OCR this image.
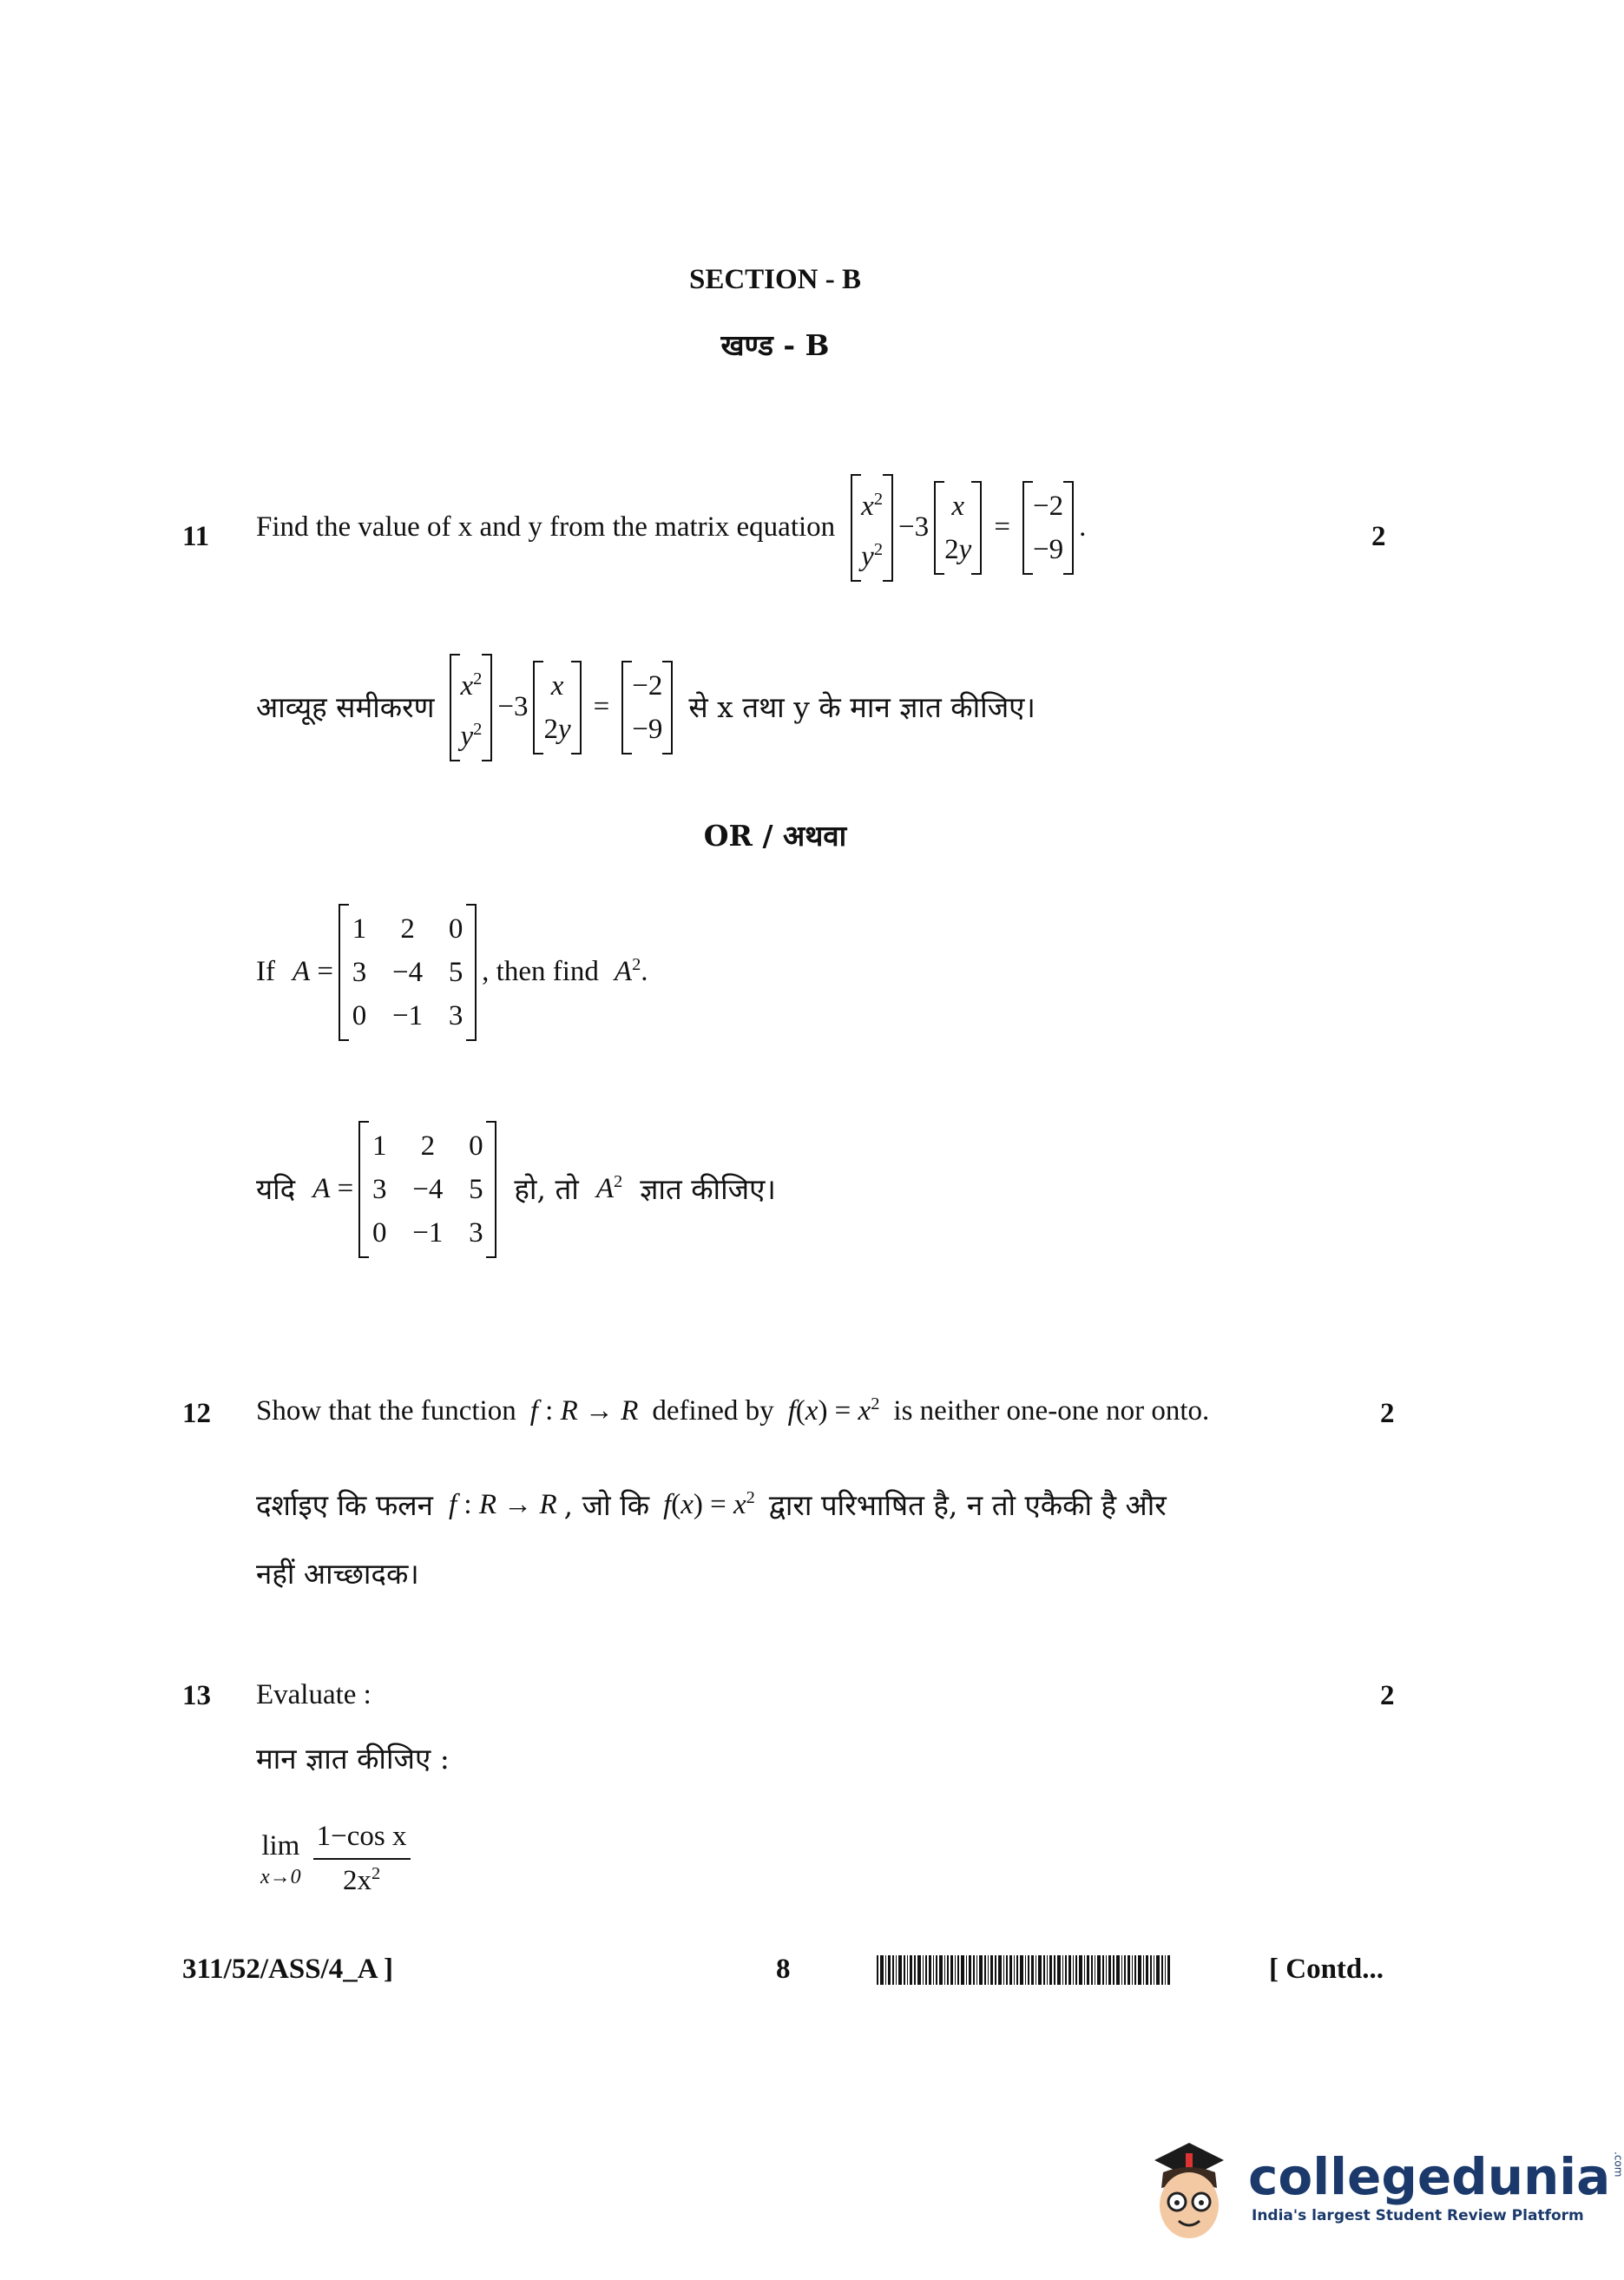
SECTION - B
खण्ड - B
11	2
Find the value of x and y from the matrix equation
$x^2$
$y^2$
−3
x
2y
=
−2
−9
.
आव्यूह समीकरण
$x^2$
$y^2$
−3
x
2y
=
−2
−9
से x तथा y के मान ज्ञात कीजिए।
OR / अथवा
If A =
1 2 0
3 −4 5
0 −1 3
, then find $A^2$.
यदि A =
1 2 0
3 −4 5
0 −1 3
हो, तो $A^2$ ज्ञात कीजिए।
12	2
Show that the function f : R → R defined by $f(x) = x^2$ is neither one-one nor onto.
दर्शाइए कि फलन f : R → R , जो कि $f(x) = x^2$ द्वारा परिभाषित है, न तो एकैकी है और
नहीं आच्छादक।
13	2
Evaluate :
मान ज्ञात कीजिए :
lim
$x\to 0 \frac{\text{1−cos x}}{2x^2}$
311/52/ASS/4_A ]	8	[ Contd...
collegedunia .com
India's largest Student Review Platform
